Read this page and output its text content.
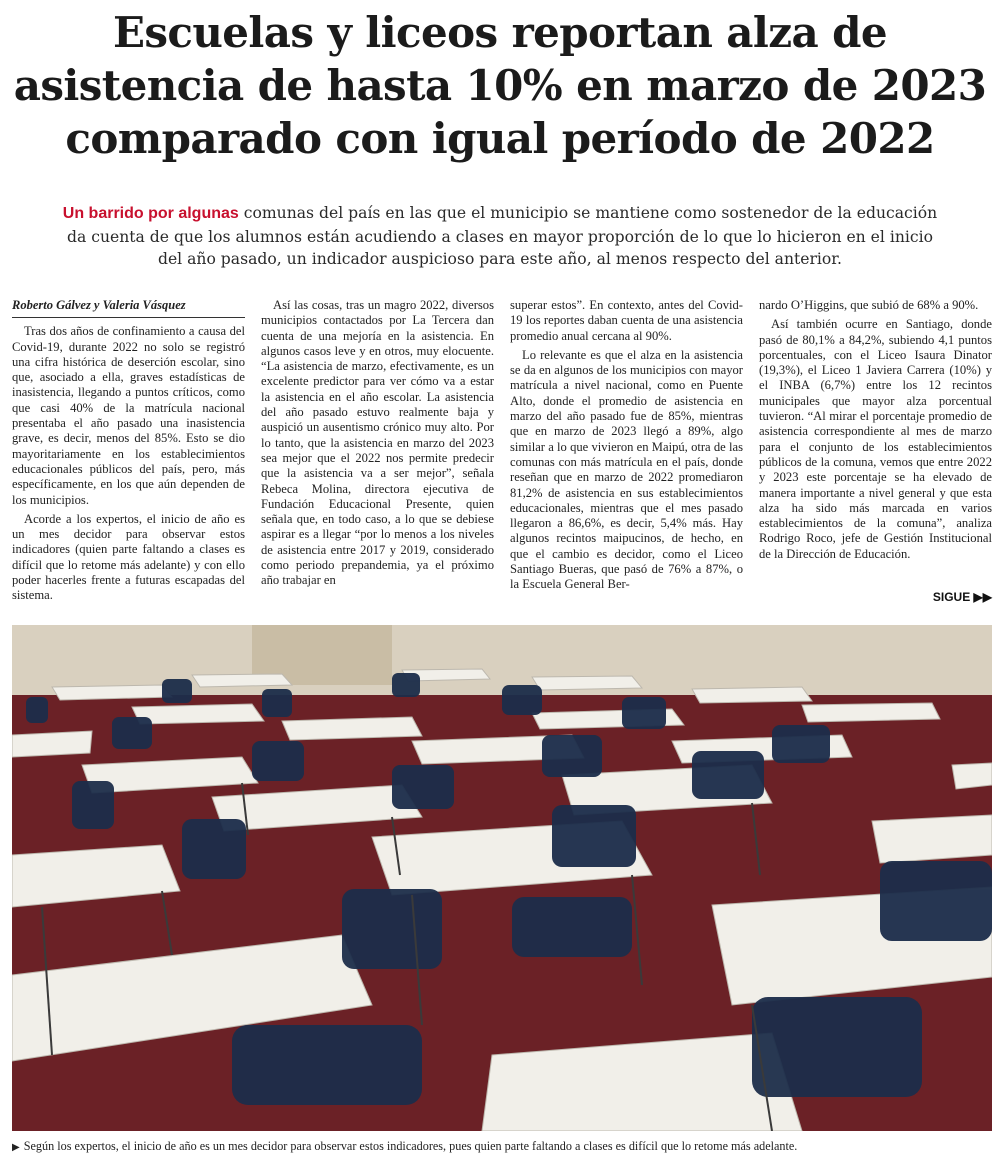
Escuelas y liceos reportan alza de
asistencia de hasta 10% en marzo de 2023
comparado con igual período de 2022
Un barrido por algunas comunas del país en las que el municipio se mantiene como sostenedor de la educación da cuenta de que los alumnos están acudiendo a clases en mayor proporción de lo que lo hicieron en el inicio del año pasado, un indicador auspicioso para este año, al menos respecto del anterior.
Roberto Gálvez y Valeria Vásquez

Tras dos años de confinamiento a causa del Covid-19, durante 2022 no solo se registró una cifra histórica de deserción escolar, sino que, asociado a ella, graves estadísticas de inasistencia, llegando a puntos críticos, como que casi 40% de la matrícula nacional presentaba el año pasado una inasistencia grave, es decir, menos del 85%. Esto se dio mayoritariamente en los establecimientos educacionales públicos del país, pero, más específicamente, en los que aún dependen de los municipios.

Acorde a los expertos, el inicio de año es un mes decidor para observar estos indicadores (quien parte faltando a clases es difícil que lo retome más adelante) y con ello poder hacerles frente a futuras escapadas del sistema.

Así las cosas, tras un magro 2022, diversos municipios contactados por La Tercera dan cuenta de una mejoría en la asistencia. En algunos casos leve y en otros, muy elocuente. “La asistencia de marzo, efectivamente, es un excelente predictor para ver cómo va a estar la asistencia en el año escolar. La asistencia del año pasado estuvo realmente baja y auspició un ausentismo crónico muy alto. Por lo tanto, que la asistencia en marzo del 2023 sea mejor que el 2022 nos permite predecir que la asistencia va a ser mejor”, señala Rebeca Molina, directora ejecutiva de Fundación Educacional Presente, quien señala que, en todo caso, a lo que se debiese aspirar es a llegar “por lo menos a los niveles de asistencia entre 2017 y 2019, considerado como periodo prepandemia, ya el próximo año trabajar en

superar estos”. En contexto, antes del Covid-19 los reportes daban cuenta de una asistencia promedio anual cercana al 90%.

Lo relevante es que el alza en la asistencia se da en algunos de los municipios con mayor matrícula a nivel nacional, como en Puente Alto, donde el promedio de asistencia en marzo del año pasado fue de 85%, mientras que en marzo de 2023 llegó a 89%, algo similar a lo que vivieron en Maipú, otra de las comunas con más matrícula en el país, donde reseñan que en marzo de 2022 promediaron 81,2% de asistencia en sus establecimientos educacionales, mientras que el mes pasado llegaron a 86,6%, es decir, 5,4% más. Hay algunos recintos maipucinos, de hecho, en que el cambio es decidor, como el Liceo Santiago Bueras, que pasó de 76% a 87%, o la Escuela General Ber-

nardo O’Higgins, que subió de 68% a 90%.

Así también ocurre en Santiago, donde pasó de 80,1% a 84,2%, subiendo 4,1 puntos porcentuales, con el Liceo Isaura Dinator (19,3%), el Liceo 1 Javiera Carrera (10%) y el INBA (6,7%) entre los 12 recintos municipales que mayor alza porcentual tuvieron. “Al mirar el porcentaje promedio de asistencia correspondiente al mes de marzo para el conjunto de los establecimientos públicos de la comuna, vemos que entre 2022 y 2023 este porcentaje se ha elevado de manera importante a nivel general y que esta alza ha sido más marcada en varios establecimientos de la comuna”, analiza Rodrigo Roco, jefe de Gestión Institucional de la Dirección de Educación.

SIGUE ▶▶
▶ Según los expertos, el inicio de año es un mes decidor para observar estos indicadores, pues quien parte faltando a clases es difícil que lo retome más adelante.
